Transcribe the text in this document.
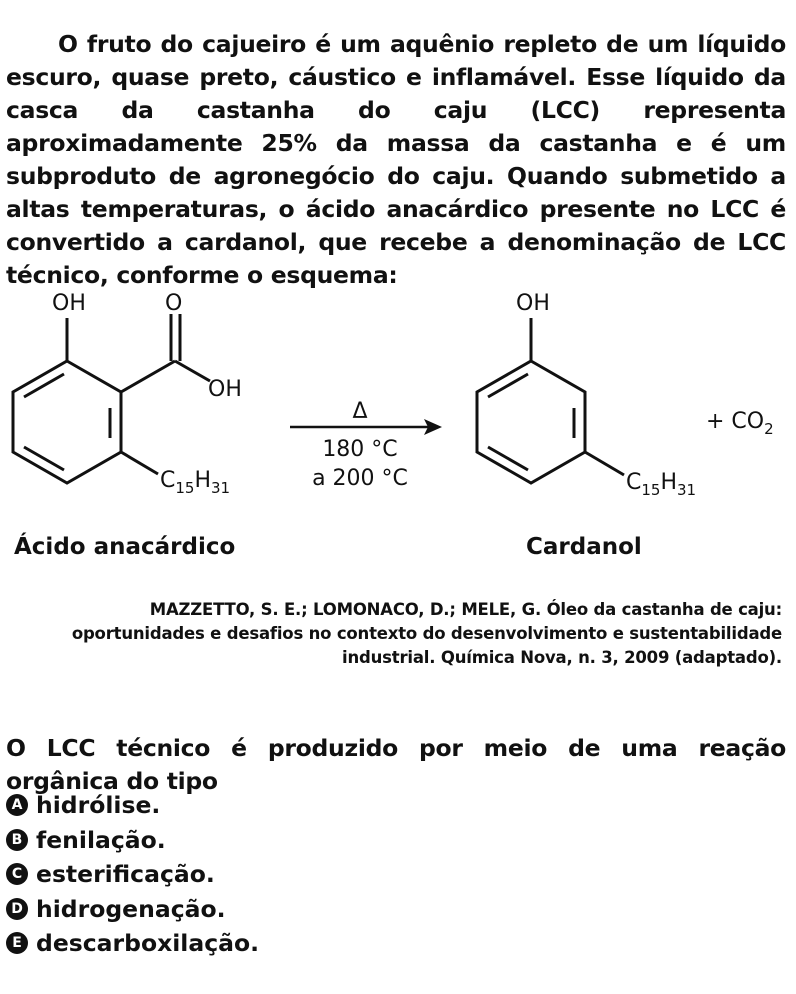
O fruto do cajueiro é um aquênio repleto de um líquido escuro, quase preto, cáustico e inflamável. Esse líquido da casca da castanha do caju (LCC) representa aproximadamente 25% da massa da castanha e é um subproduto de agronegócio do caju. Quando submetido a altas temperaturas, o ácido anacárdico presente no LCC é convertido a cardanol, que recebe a denominação de LCC técnico, conforme o esquema:

OH	O
OH
$C_{15}H_{31}$
Δ
180 °C
a 200 °C
OH
$C_{15}H_{31}$
+ $CO_2$
Ácido anacárdico	Cardanol
MAZZETTO, S. E.; LOMONACO, D.; MELE, G. Óleo da castanha de caju: oportunidades e desafios no contexto do desenvolvimento e sustentabilidade industrial. Química Nova, n. 3, 2009 (adaptado).

O LCC técnico é produzido por meio de uma reação orgânica do tipo

A hidrólise.
B fenilação.
C esterificação.
D hidrogenação.
E descarboxilação.
